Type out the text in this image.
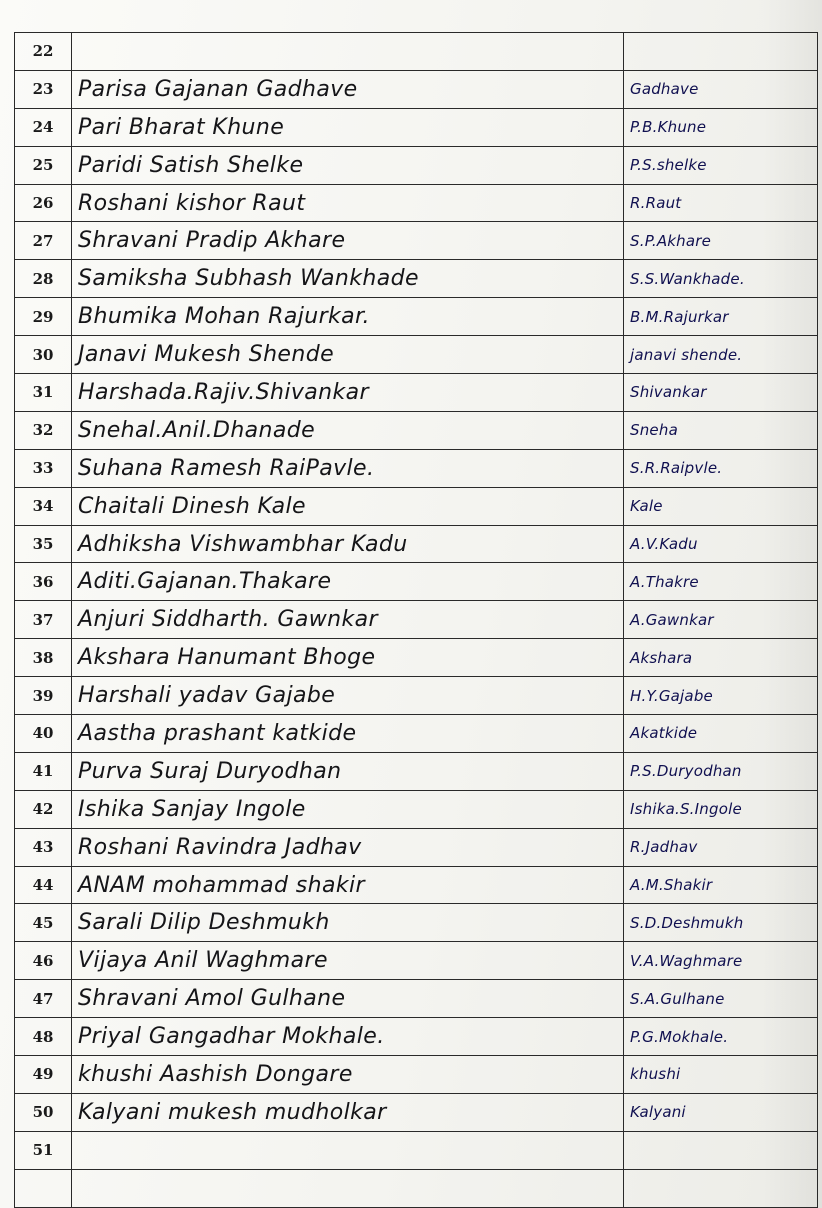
22		
23	Parisa Gajanan Gadhave	Gadhave
24	Pari Bharat Khune	P.B.Khune
25	Paridi Satish Shelke	P.S.shelke
26	Roshani kishor Raut	R.Raut
27	Shravani Pradip Akhare	S.P.Akhare
28	Samiksha Subhash Wankhade	S.S.Wankhade.
29	Bhumika Mohan Rajurkar.	B.M.Rajurkar
30	Janavi Mukesh Shende	janavi shende.
31	Harshada.Rajiv.Shivankar	Shivankar
32	Snehal.Anil.Dhanade	Sneha
33	Suhana Ramesh RaiPavle.	S.R.Raipvle.
34	Chaitali Dinesh Kale	Kale
35	Adhiksha Vishwambhar Kadu	A.V.Kadu
36	Aditi.Gajanan.Thakare	A.Thakre
37	Anjuri Siddharth. Gawnkar	A.Gawnkar
38	Akshara Hanumant Bhoge	Akshara
39	Harshali yadav Gajabe	H.Y.Gajabe
40	Aastha prashant katkide	Akatkide
41	Purva Suraj Duryodhan	P.S.Duryodhan
42	Ishika Sanjay Ingole	Ishika.S.Ingole
43	Roshani Ravindra Jadhav	R.Jadhav
44	ANAM mohammad shakir	A.M.Shakir
45	Sarali Dilip Deshmukh	S.D.Deshmukh
46	Vijaya Anil Waghmare	V.A.Waghmare
47	Shravani Amol Gulhane	S.A.Gulhane
48	Priyal Gangadhar Mokhale.	P.G.Mokhale.
49	khushi Aashish Dongare	khushi
50	Kalyani mukesh mudholkar	Kalyani
51		
